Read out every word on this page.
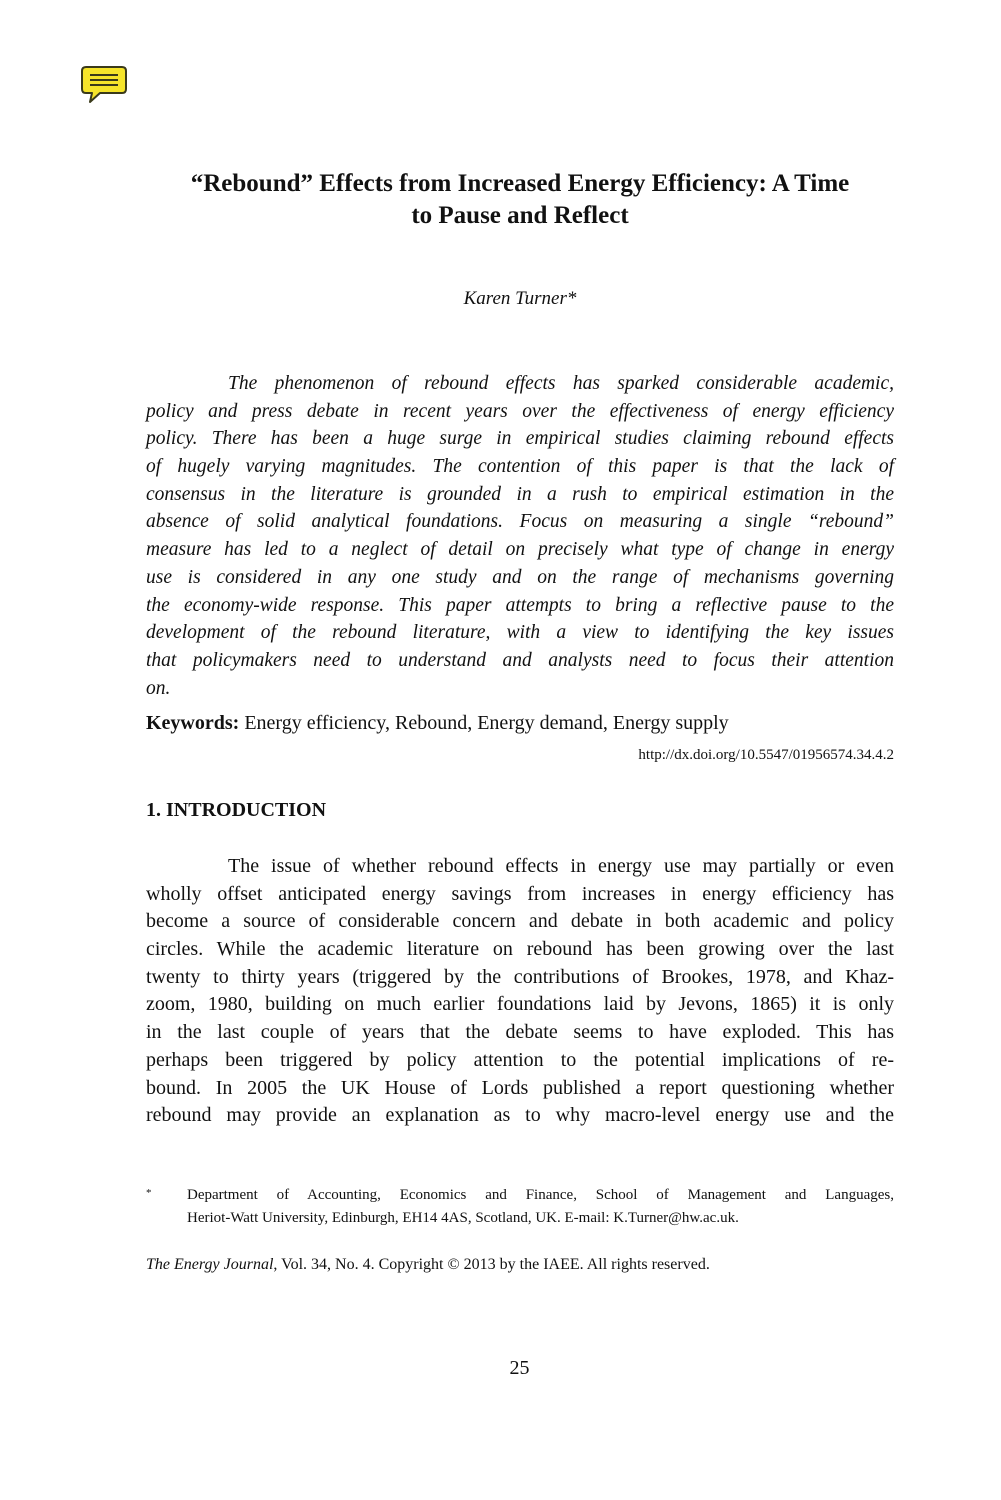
“Rebound” Effects from Increased Energy Efficiency: A Time
to Pause and Reflect
Karen Turner*
The phenomenon of rebound effects has sparked considerable academic,
policy and press debate in recent years over the effectiveness of energy efficiency
policy. There has been a huge surge in empirical studies claiming rebound effects
of hugely varying magnitudes. The contention of this paper is that the lack of
consensus in the literature is grounded in a rush to empirical estimation in the
absence of solid analytical foundations. Focus on measuring a single “rebound”
measure has led to a neglect of detail on precisely what type of change in energy
use is considered in any one study and on the range of mechanisms governing
the economy-wide response. This paper attempts to bring a reflective pause to the
development of the rebound literature, with a view to identifying the key issues
that policymakers need to understand and analysts need to focus their attention
on.
Keywords: Energy efficiency, Rebound, Energy demand, Energy supply
http://dx.doi.org/10.5547/01956574.34.4.2
1. INTRODUCTION
The issue of whether rebound effects in energy use may partially or even
wholly offset anticipated energy savings from increases in energy efficiency has
become a source of considerable concern and debate in both academic and policy
circles. While the academic literature on rebound has been growing over the last
twenty to thirty years (triggered by the contributions of Brookes, 1978, and Khaz-
zoom, 1980, building on much earlier foundations laid by Jevons, 1865) it is only
in the last couple of years that the debate seems to have exploded. This has
perhaps been triggered by policy attention to the potential implications of re-
bound. In 2005 the UK House of Lords published a report questioning whether
rebound may provide an explanation as to why macro-level energy use and the
* Department of Accounting, Economics and Finance, School of Management and Languages,
Heriot-Watt University, Edinburgh, EH14 4AS, Scotland, UK. E-mail: K.Turner@hw.ac.uk.
The Energy Journal, Vol. 34, No. 4. Copyright © 2013 by the IAEE. All rights reserved.
25
